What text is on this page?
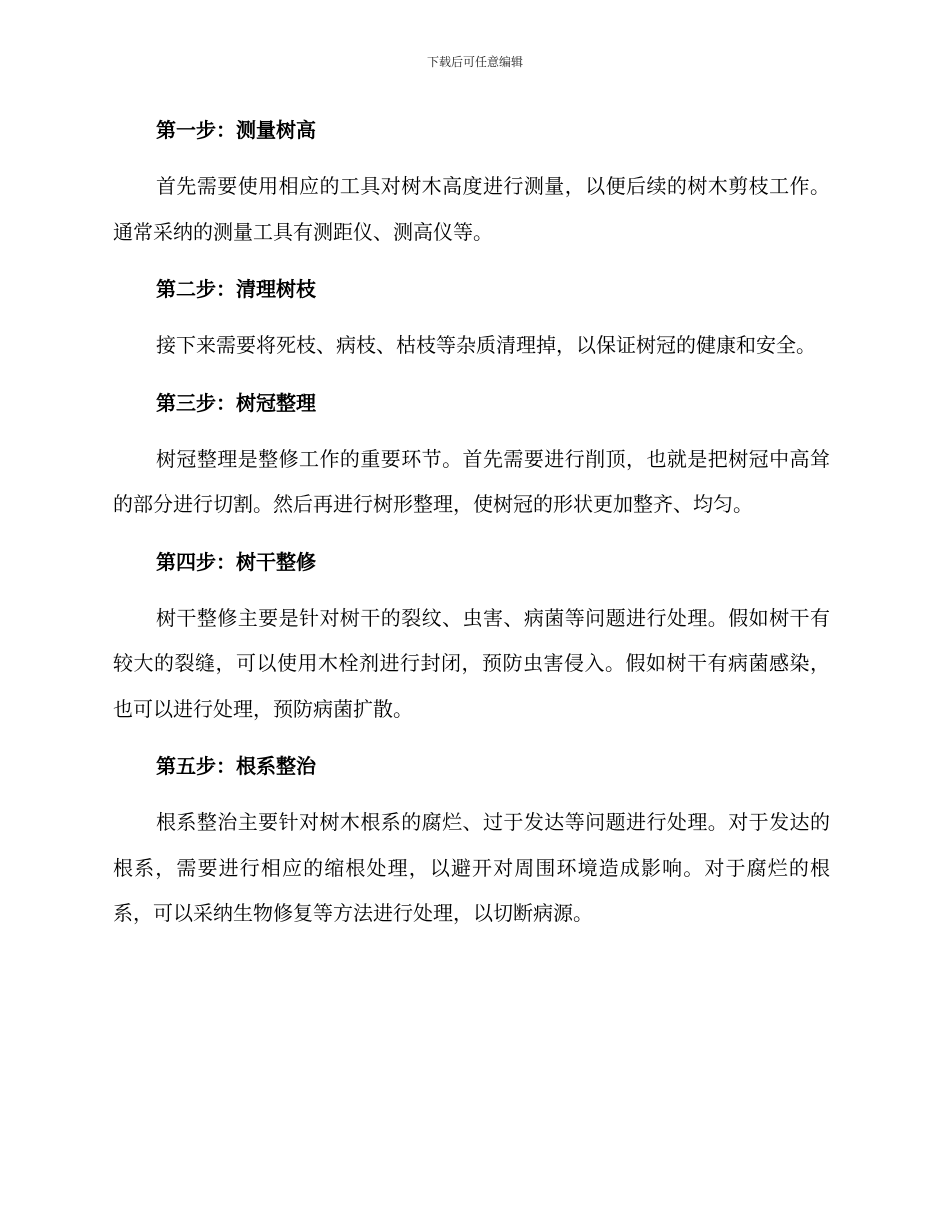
下载后可任意编辑
第一步：测量树高

首先需要使用相应的工具对树木高度进行测量，以便后续的树木剪枝工作。通常采纳的测量工具有测距仪、测高仪等。

第二步：清理树枝

接下来需要将死枝、病枝、枯枝等杂质清理掉，以保证树冠的健康和安全。

第三步：树冠整理

树冠整理是整修工作的重要环节。首先需要进行削顶，也就是把树冠中高耸的部分进行切割。然后再进行树形整理，使树冠的形状更加整齐、均匀。

第四步：树干整修

树干整修主要是针对树干的裂纹、虫害、病菌等问题进行处理。假如树干有较大的裂缝，可以使用木栓剂进行封闭，预防虫害侵入。假如树干有病菌感染，也可以进行处理，预防病菌扩散。

第五步：根系整治

根系整治主要针对树木根系的腐烂、过于发达等问题进行处理。对于发达的根系，需要进行相应的缩根处理，以避开对周围环境造成影响。对于腐烂的根系，可以采纳生物修复等方法进行处理，以切断病源。
